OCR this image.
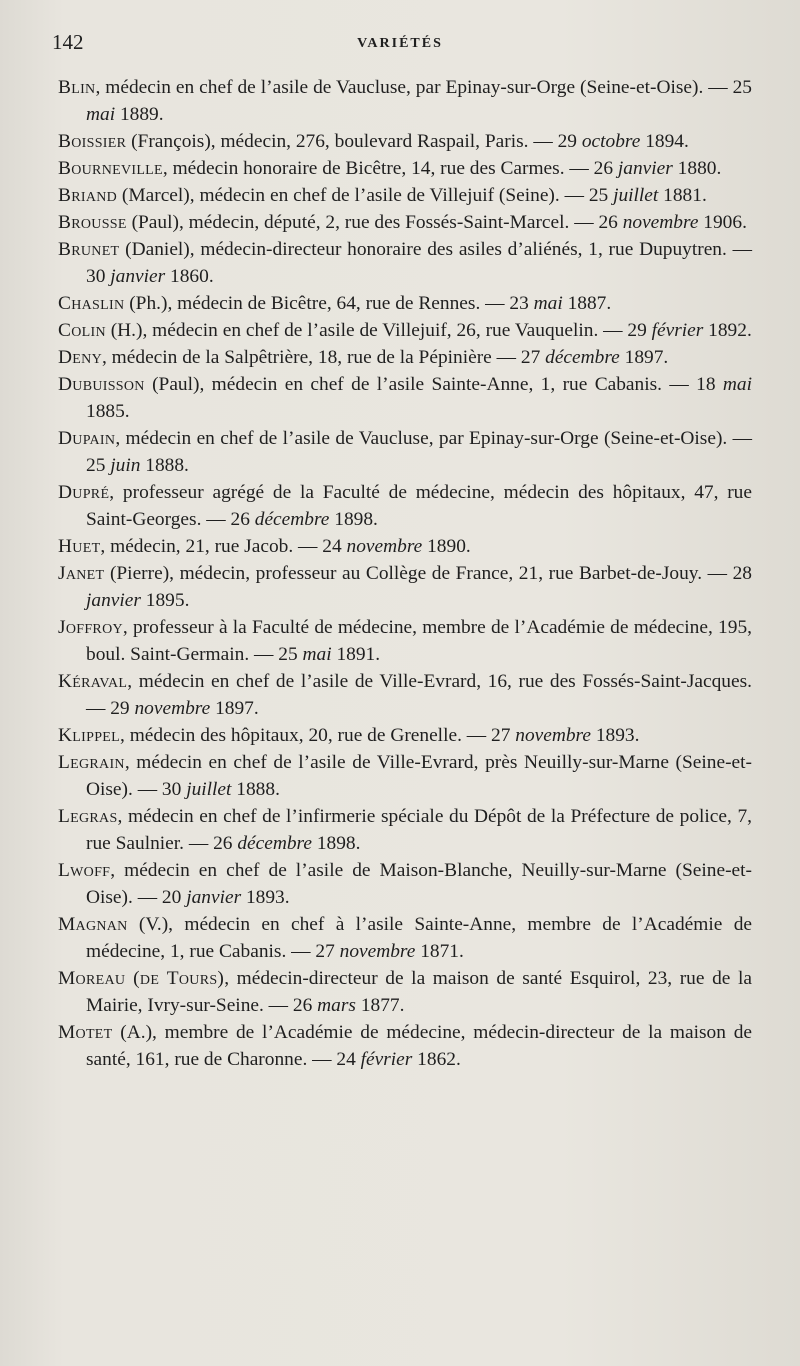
142	VARIÉTÉS

Blin, médecin en chef de l’asile de Vaucluse, par Epinay-sur-Orge (Seine-et-Oise). — 25 mai 1889.

Boissier (François), médecin, 276, boulevard Raspail, Paris. — 29 octobre 1894.

Bourneville, médecin honoraire de Bicêtre, 14, rue des Carmes. — 26 janvier 1880.

Briand (Marcel), médecin en chef de l’asile de Villejuif (Seine). — 25 juillet 1881.

Brousse (Paul), médecin, député, 2, rue des Fossés-Saint-Marcel. — 26 novembre 1906.

Brunet (Daniel), médecin-directeur honoraire des asiles d’aliénés, 1, rue Dupuytren. — 30 janvier 1860.

Chaslin (Ph.), médecin de Bicêtre, 64, rue de Rennes. — 23 mai 1887.

Colin (H.), médecin en chef de l’asile de Villejuif, 26, rue Vauquelin. — 29 février 1892.

Deny, médecin de la Salpêtrière, 18, rue de la Pépinière — 27 décembre 1897.

Dubuisson (Paul), médecin en chef de l’asile Sainte-Anne, 1, rue Cabanis. — 18 mai 1885.

Dupain, médecin en chef de l’asile de Vaucluse, par Epinay-sur-Orge (Seine-et-Oise). — 25 juin 1888.

Dupré, professeur agrégé de la Faculté de médecine, médecin des hôpitaux, 47, rue Saint-Georges. — 26 décembre 1898.

Huet, médecin, 21, rue Jacob. — 24 novembre 1890.

Janet (Pierre), médecin, professeur au Collège de France, 21, rue Barbet-de-Jouy. — 28 janvier 1895.

Joffroy, professeur à la Faculté de médecine, membre de l’Académie de médecine, 195, boul. Saint-Germain. — 25 mai 1891.

Kéraval, médecin en chef de l’asile de Ville-Evrard, 16, rue des Fossés-Saint-Jacques. — 29 novembre 1897.

Klippel, médecin des hôpitaux, 20, rue de Grenelle. — 27 novembre 1893.

Legrain, médecin en chef de l’asile de Ville-Evrard, près Neuilly-sur-Marne (Seine-et-Oise). — 30 juillet 1888.

Legras, médecin en chef de l’infirmerie spéciale du Dépôt de la Préfecture de police, 7, rue Saulnier. — 26 décembre 1898.

Lwoff, médecin en chef de l’asile de Maison-Blanche, Neuilly-sur-Marne (Seine-et-Oise). — 20 janvier 1893.

Magnan (V.), médecin en chef à l’asile Sainte-Anne, membre de l’Académie de médecine, 1, rue Cabanis. — 27 novembre 1871.

Moreau (de Tours), médecin-directeur de la maison de santé Esquirol, 23, rue de la Mairie, Ivry-sur-Seine. — 26 mars 1877.

Motet (A.), membre de l’Académie de médecine, médecin-directeur de la maison de santé, 161, rue de Charonne. — 24 février 1862.
